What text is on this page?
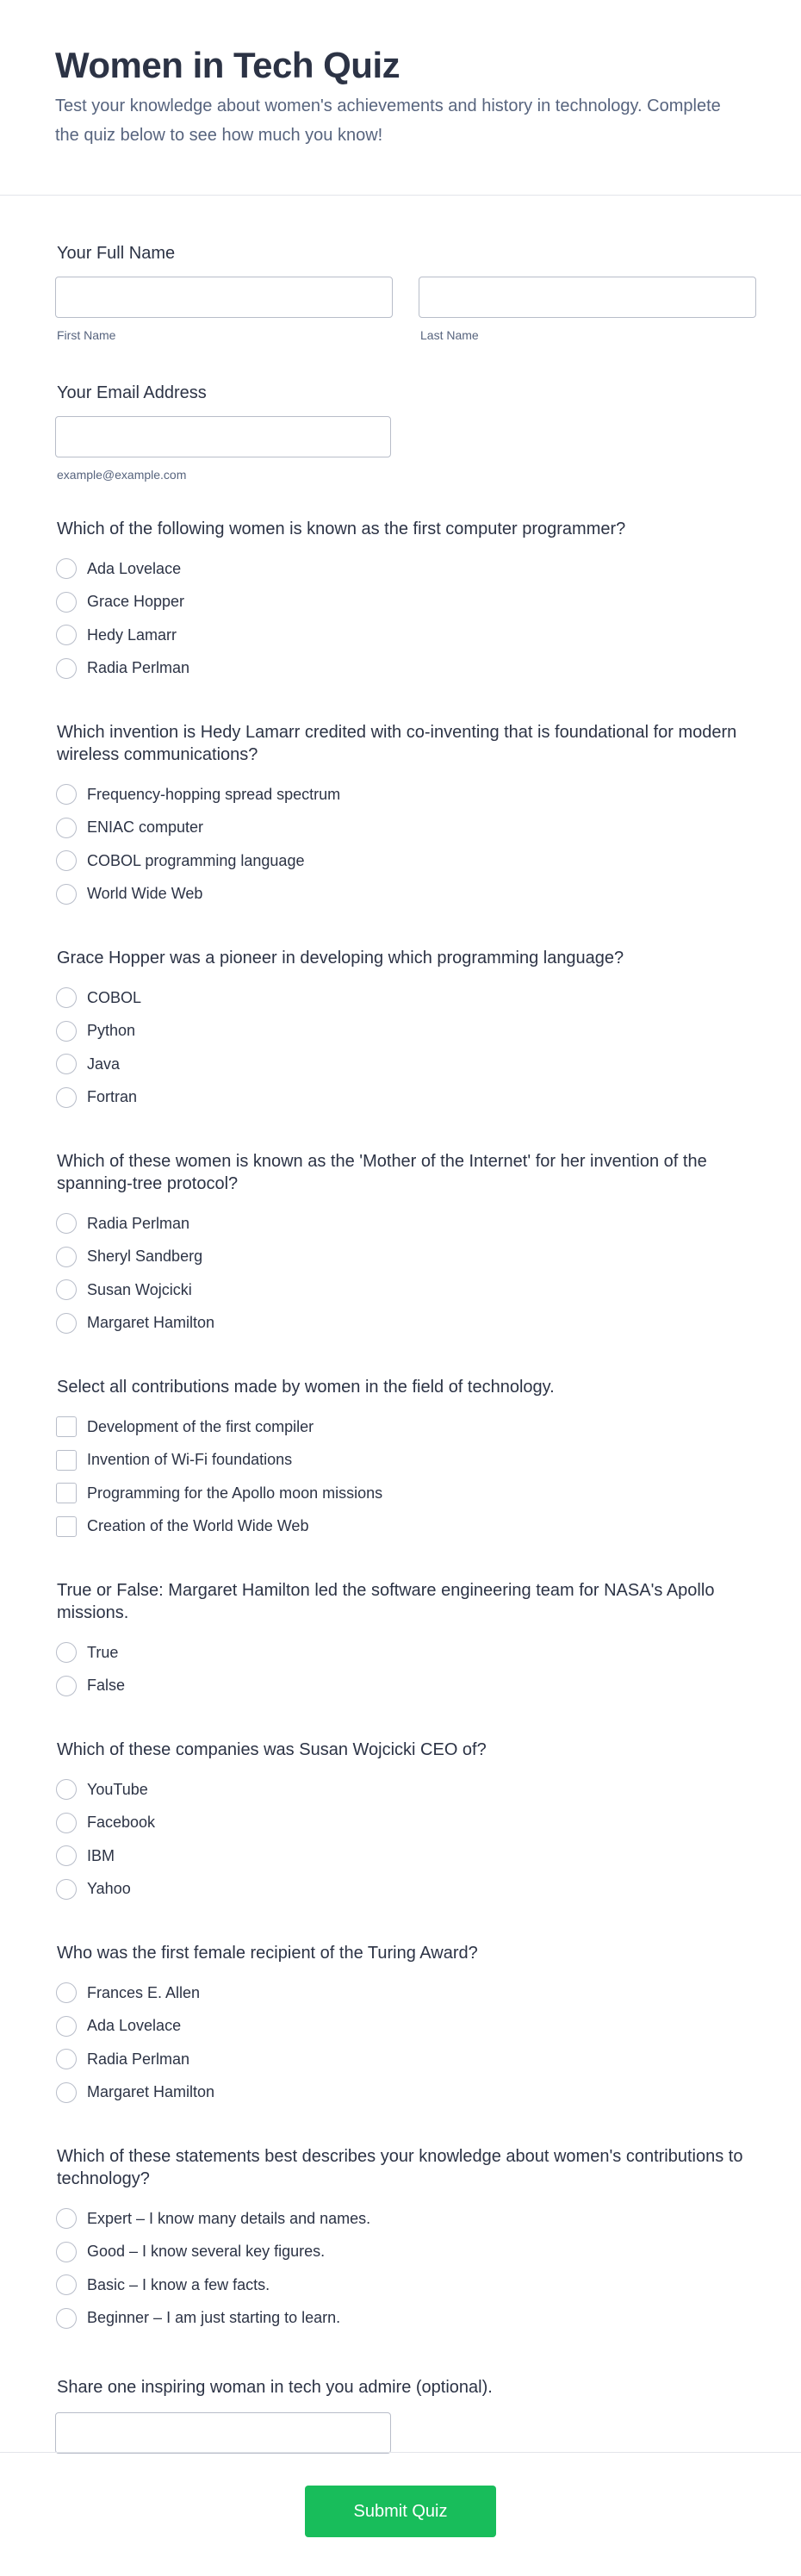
Women in Tech Quiz

Test your knowledge about women's achievements and history in technology. Complete the quiz below to see how much you know!

Your Full Name
First Name	Last Name
Your Email Address
example@example.com
Which of the following women is known as the first computer programmer?
Ada Lovelace
Grace Hopper
Hedy Lamarr
Radia Perlman
Which invention is Hedy Lamarr credited with co-inventing that is foundational for modern wireless communications?
Frequency-hopping spread spectrum
ENIAC computer
COBOL programming language
World Wide Web
Grace Hopper was a pioneer in developing which programming language?
COBOL
Python
Java
Fortran
Which of these women is known as the 'Mother of the Internet' for her invention of the spanning-tree protocol?
Radia Perlman
Sheryl Sandberg
Susan Wojcicki
Margaret Hamilton
Select all contributions made by women in the field of technology.
Development of the first compiler
Invention of Wi-Fi foundations
Programming for the Apollo moon missions
Creation of the World Wide Web
True or False: Margaret Hamilton led the software engineering team for NASA's Apollo missions.
True
False
Which of these companies was Susan Wojcicki CEO of?
YouTube
Facebook
IBM
Yahoo
Who was the first female recipient of the Turing Award?
Frances E. Allen
Ada Lovelace
Radia Perlman
Margaret Hamilton
Which of these statements best describes your knowledge about women's contributions to technology?
Expert – I know many details and names.
Good – I know several key figures.
Basic – I know a few facts.
Beginner – I am just starting to learn.
Share one inspiring woman in tech you admire (optional).
Submit Quiz
